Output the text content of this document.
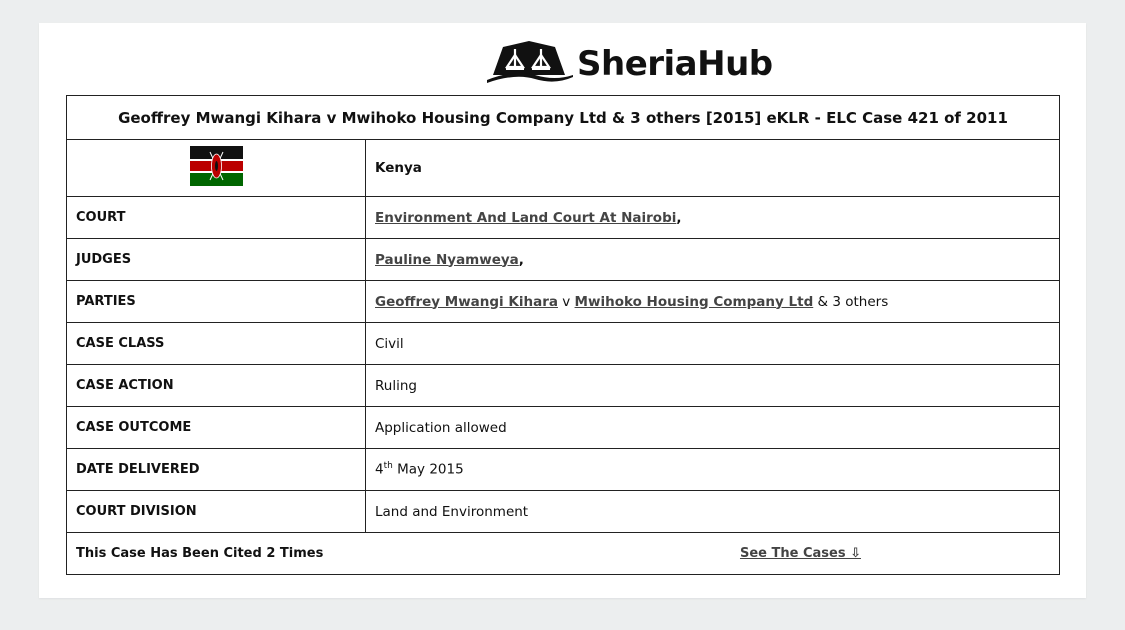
SheriaHub
Geoffrey Mwangi Kihara v Mwihoko Housing Company Ltd & 3 others [2015] eKLR - ELC Case 421 of 2011	
	Kenya
COURT	Environment And Land Court At Nairobi,
JUDGES	Pauline Nyamweya,
PARTIES	Geoffrey Mwangi Kihara v Mwihoko Housing Company Ltd & 3 others
CASE CLASS	Civil
CASE ACTION	Ruling
CASE OUTCOME	Application allowed
DATE DELIVERED	4th May 2015
COURT DIVISION	Land and Environment

This Case Has Been Cited 2 Times See The Cases ⇩	
